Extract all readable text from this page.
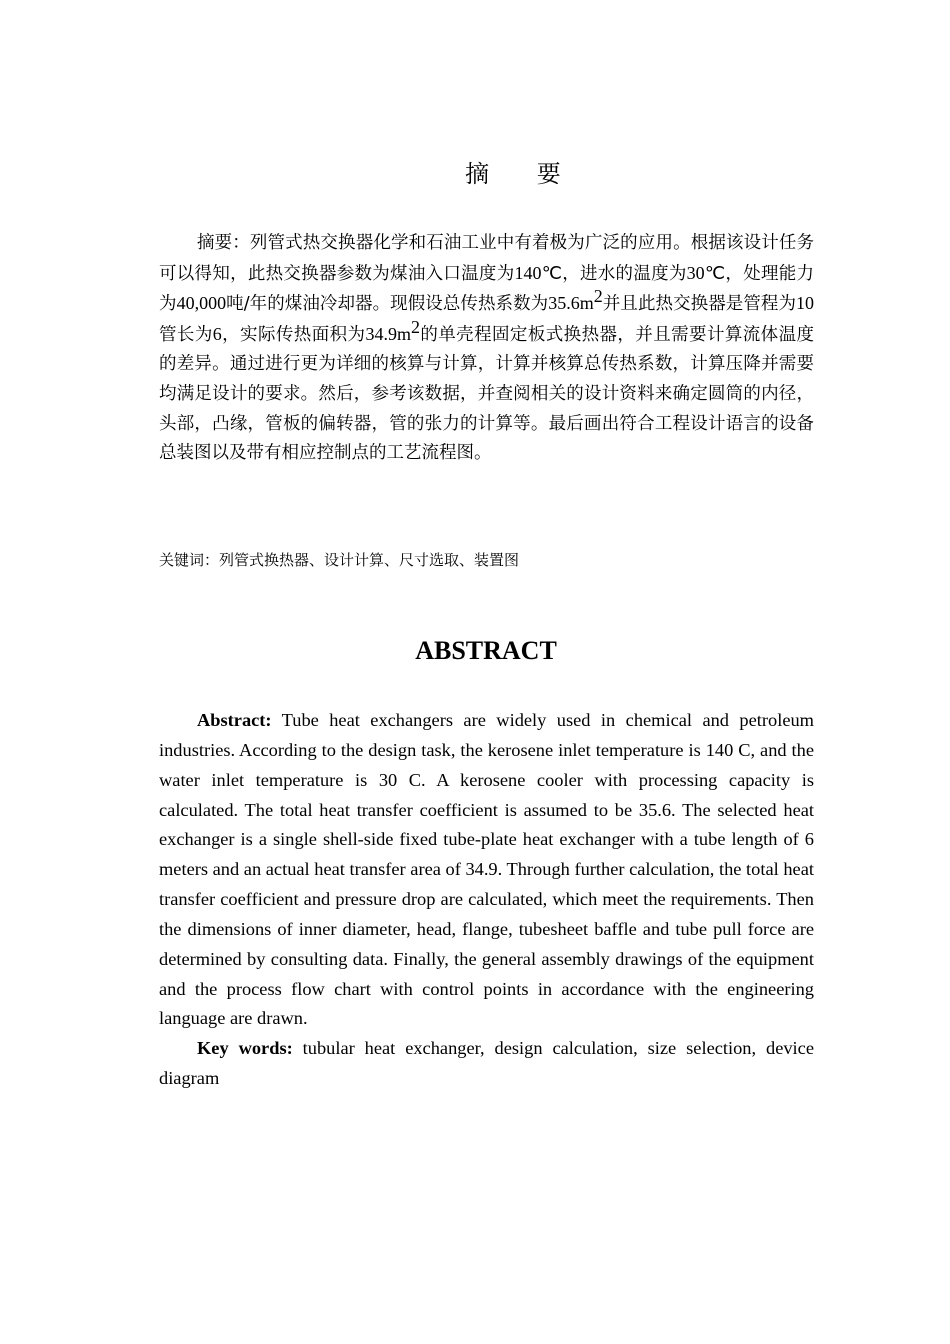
摘 要
摘要：列管式热交换器化学和石油工业中有着极为广泛的应用。根据该设计任务可以得知，此热交换器参数为煤油入口温度为140℃，进水的温度为30℃，处理能力为40,000吨/年的煤油冷却器。现假设总传热系数为$35.6m^2$并且此热交换器是管程为10管长为6，实际传热面积为$34.9m^2$的单壳程固定板式换热器，并且需要计算流体温度的差异。通过进行更为详细的核算与计算，计算并核算总传热系数，计算压降并需要均满足设计的要求。然后，参考该数据，并查阅相关的设计资料来确定圆筒的内径，头部，凸缘，管板的偏转器，管的张力的计算等。最后画出符合工程设计语言的设备总装图以及带有相应控制点的工艺流程图。
关键词：列管式换热器、设计计算、尺寸选取、装置图
ABSTRACT
Abstract: Tube heat exchangers are widely used in chemical and petroleum industries. According to the design task, the kerosene inlet temperature is 140 C, and the water inlet temperature is 30 C. A kerosene cooler with processing capacity is calculated. The total heat transfer coefficient is assumed to be 35.6. The selected heat exchanger is a single shell-side fixed tube-plate heat exchanger with a tube length of 6 meters and an actual heat transfer area of 34.9. Through further calculation, the total heat transfer coefficient and pressure drop are calculated, which meet the requirements. Then the dimensions of inner diameter, head, flange, tubesheet baffle and tube pull force are determined by consulting data. Finally, the general assembly drawings of the equipment and the process flow chart with control points in accordance with the engineering language are drawn.
Key words: tubular heat exchanger, design calculation, size selection, device diagram
